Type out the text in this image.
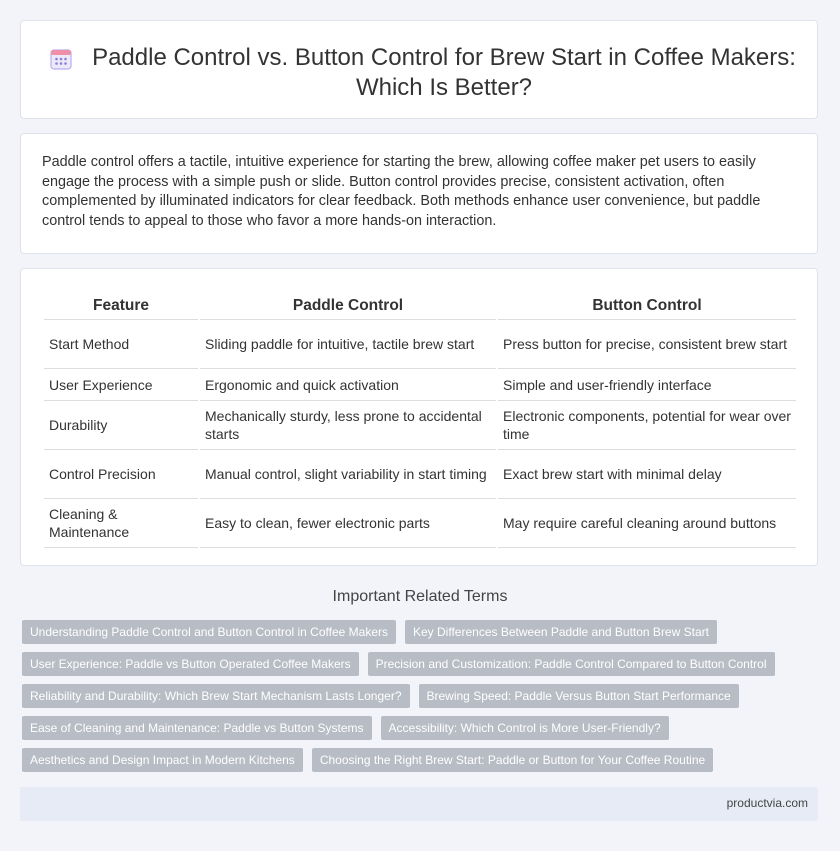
Paddle Control vs. Button Control for Brew Start in Coffee Makers: Which Is Better?

Paddle control offers a tactile, intuitive experience for starting the brew, allowing coffee maker pet users to easily engage the process with a simple push or slide. Button control provides precise, consistent activation, often complemented by illuminated indicators for clear feedback. Both methods enhance user convenience, but paddle control tends to appeal to those who favor a more hands-on interaction.

Feature	Paddle Control	Button Control
Start Method	Sliding paddle for intuitive, tactile brew start	Press button for precise, consistent brew start
User Experience	Ergonomic and quick activation	Simple and user-friendly interface
Durability	Mechanically sturdy, less prone to accidental starts	Electronic components, potential for wear over time
Control Precision	Manual control, slight variability in start timing	Exact brew start with minimal delay
Cleaning & Maintenance	Easy to clean, fewer electronic parts	May require careful cleaning around buttons
Important Related Terms
Understanding Paddle Control and Button Control in Coffee Makers	Key Differences Between Paddle and Button Brew Start
User Experience: Paddle vs Button Operated Coffee Makers	Precision and Customization: Paddle Control Compared to Button Control
Reliability and Durability: Which Brew Start Mechanism Lasts Longer?	Brewing Speed: Paddle Versus Button Start Performance
Ease of Cleaning and Maintenance: Paddle vs Button Systems	Accessibility: Which Control is More User-Friendly?
Aesthetics and Design Impact in Modern Kitchens	Choosing the Right Brew Start: Paddle or Button for Your Coffee Routine
productvia.com
